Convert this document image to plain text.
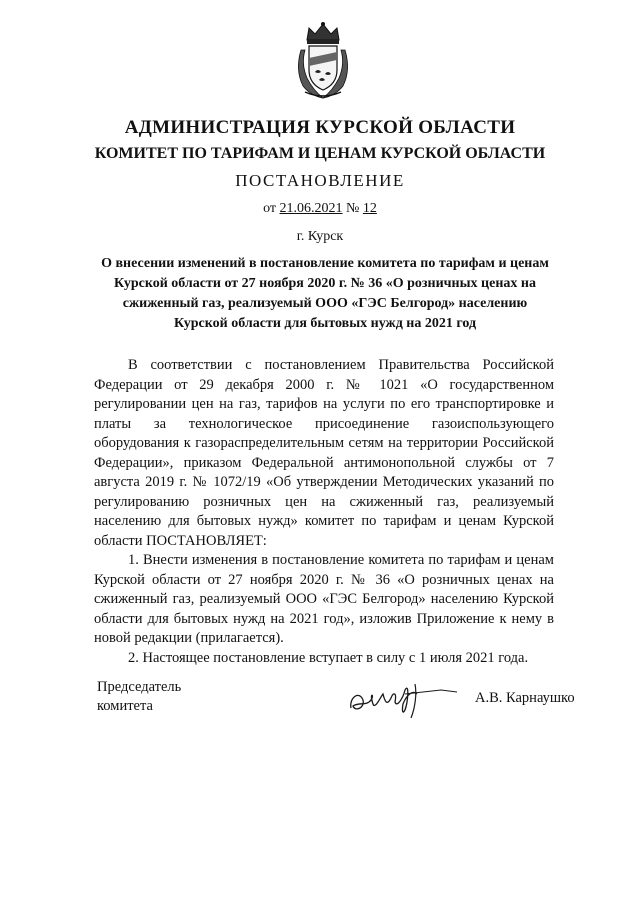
АДМИНИСТРАЦИЯ КУРСКОЙ ОБЛАСТИ
КОМИТЕТ ПО ТАРИФАМ И ЦЕНАМ КУРСКОЙ ОБЛАСТИ
ПОСТАНОВЛЕНИЕ
от 21.06.2021 № 12
г. Курск
О внесении изменений в постановление комитета по тарифам и ценам Курской области от 27 ноября 2020 г. № 36 «О розничных ценах на сжиженный газ, реализуемый ООО «ГЭС Белгород» населению Курской области для бытовых нужд на 2021 год

В соответствии с постановлением Правительства Российской Федерации от 29 декабря 2000 г. № 1021 «О государственном регулировании цен на газ, тарифов на услуги по его транспортировке и платы за технологическое присоединение газоиспользующего оборудования к газораспределительным сетям на территории Российской Федерации», приказом Федеральной антимонопольной службы от 7 августа 2019 г. № 1072/19 «Об утверждении Методических указаний по регулированию розничных цен на сжиженный газ, реализуемый населению для бытовых нужд» комитет по тарифам и ценам Курской области ПОСТАНОВЛЯЕТ:

1. Внести изменения в постановление комитета по тарифам и ценам Курской области от 27 ноября 2020 г. № 36 «О розничных ценах на сжиженный газ, реализуемый ООО «ГЭС Белгород» населению Курской области для бытовых нужд на 2021 год», изложив Приложение к нему в новой редакции (прилагается).

2. Настоящее постановление вступает в силу с 1 июля 2021 года.

Председатель
комитета	А.В. Карнаушко
